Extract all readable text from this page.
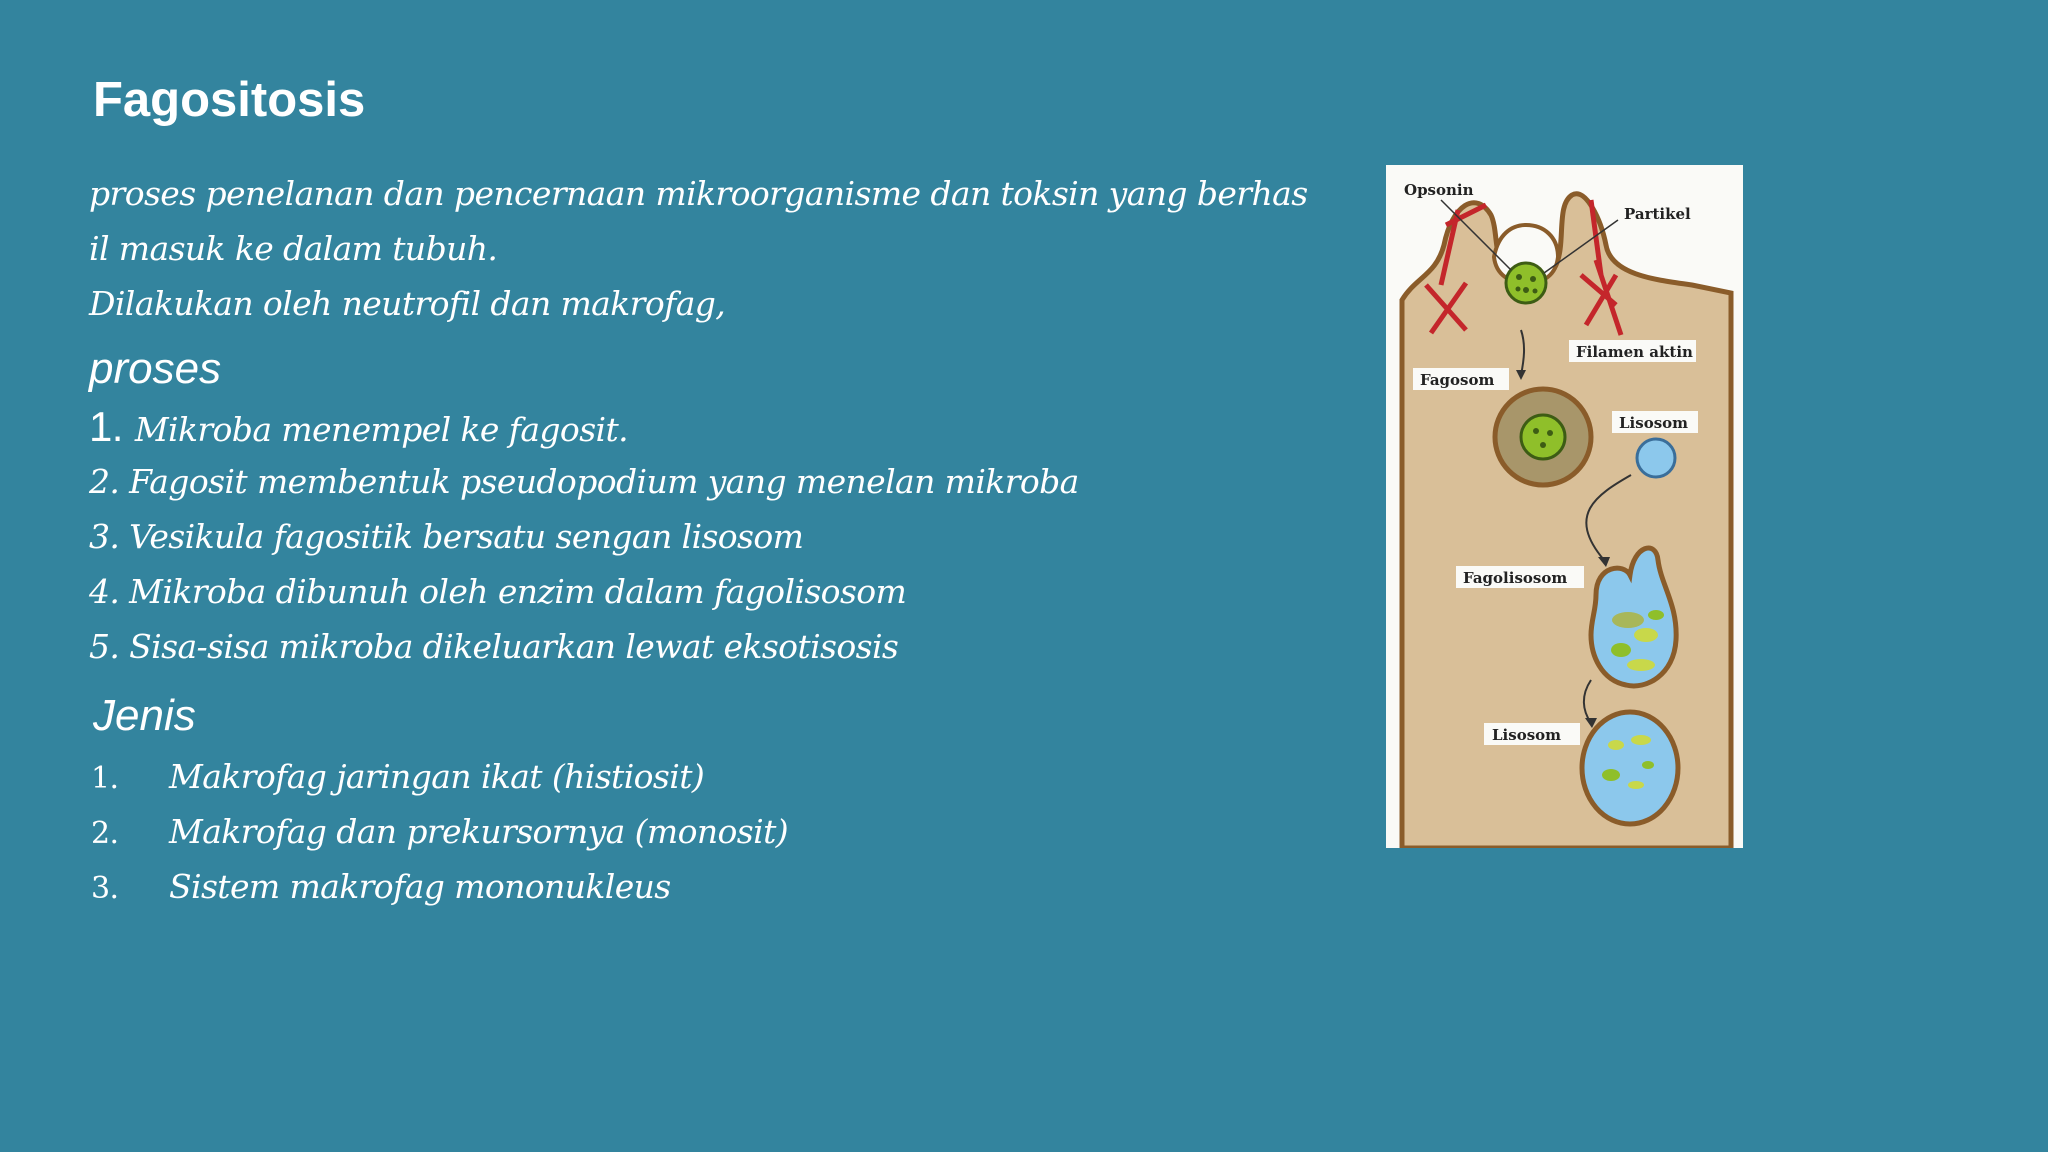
Fagositosis
proses penelanan dan pencernaan mikroorganisme dan toksin yang berhas
il masuk ke dalam tubuh.
Dilakukan oleh neutrofil dan makrofag,
proses
1. Mikroba menempel ke fagosit.
2. Fagosit membentuk pseudopodium yang menelan mikroba
3. Vesikula fagositik bersatu sengan lisosom
4. Mikroba dibunuh oleh enzim dalam fagolisosom
5. Sisa-sisa mikroba dikeluarkan lewat eksotisosis
Jenis
1. Makrofag jaringan ikat (histiosit)
2. Makrofag dan prekursornya (monosit)
3. Sistem makrofag mononukleus
Opsonin
Partikel
Filamen aktin
Fagosom
Lisosom
Fagolisosom
Lisosom
